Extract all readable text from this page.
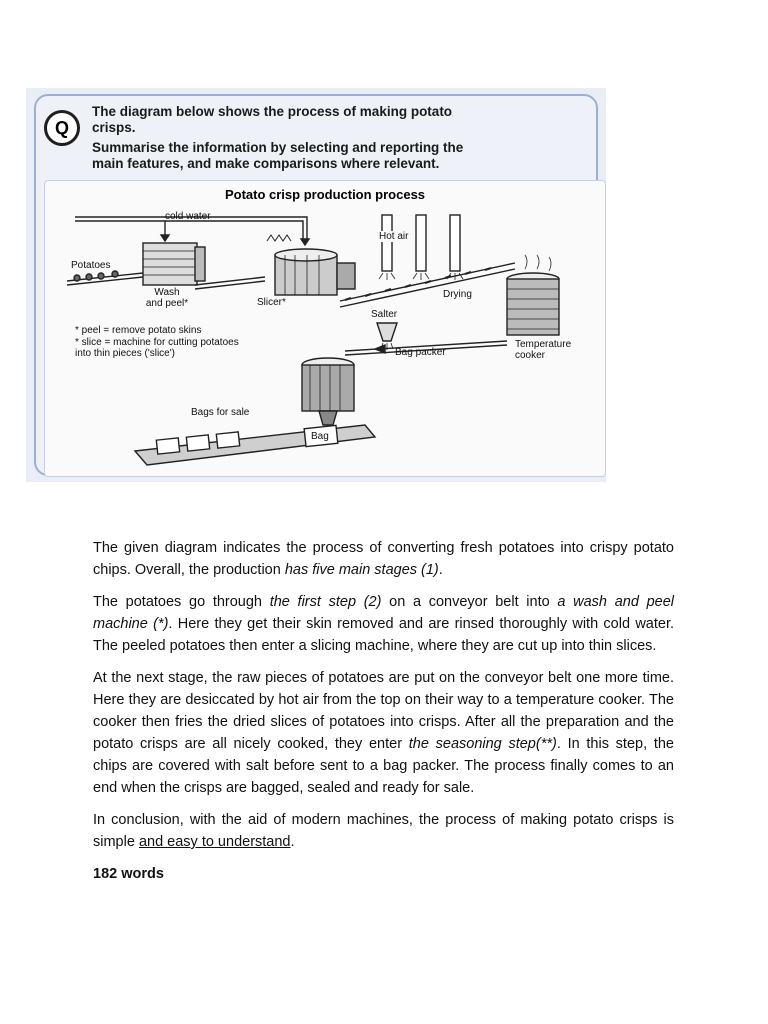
Q
The diagram below shows the process of making potato
crisps.
Summarise the information by selecting and reporting the
main features, and make comparisons where relevant.
Potato crisp production process
cold water
Hot air
Potatoes
Wash and peel*	Slicer*
Drying
Salter
Temperature cooker
Bag packer
Bags for sale
Bag
* peel = remove potato skins
* slice = machine for cutting potatoes into thin pieces ('slice')

The given diagram indicates the process of converting fresh potatoes into crispy potato chips. Overall, the production has five main stages (1).

The potatoes go through the first step (2) on a conveyor belt into a wash and peel machine (*). Here they get their skin removed and are rinsed thoroughly with cold water. The peeled potatoes then enter a slicing machine, where they are cut up into thin slices.

At the next stage, the raw pieces of potatoes are put on the conveyor belt one more time. Here they are desiccated by hot air from the top on their way to a temperature cooker. The cooker then fries the dried slices of potatoes into crisps. After all the preparation and the potato crisps are all nicely cooked, they enter the seasoning step(**). In this step, the chips are covered with salt before sent to a bag packer. The process finally comes to an end when the crisps are bagged, sealed and ready for sale.

In conclusion, with the aid of modern machines, the process of making potato crisps is simple and easy to understand.

182 words
